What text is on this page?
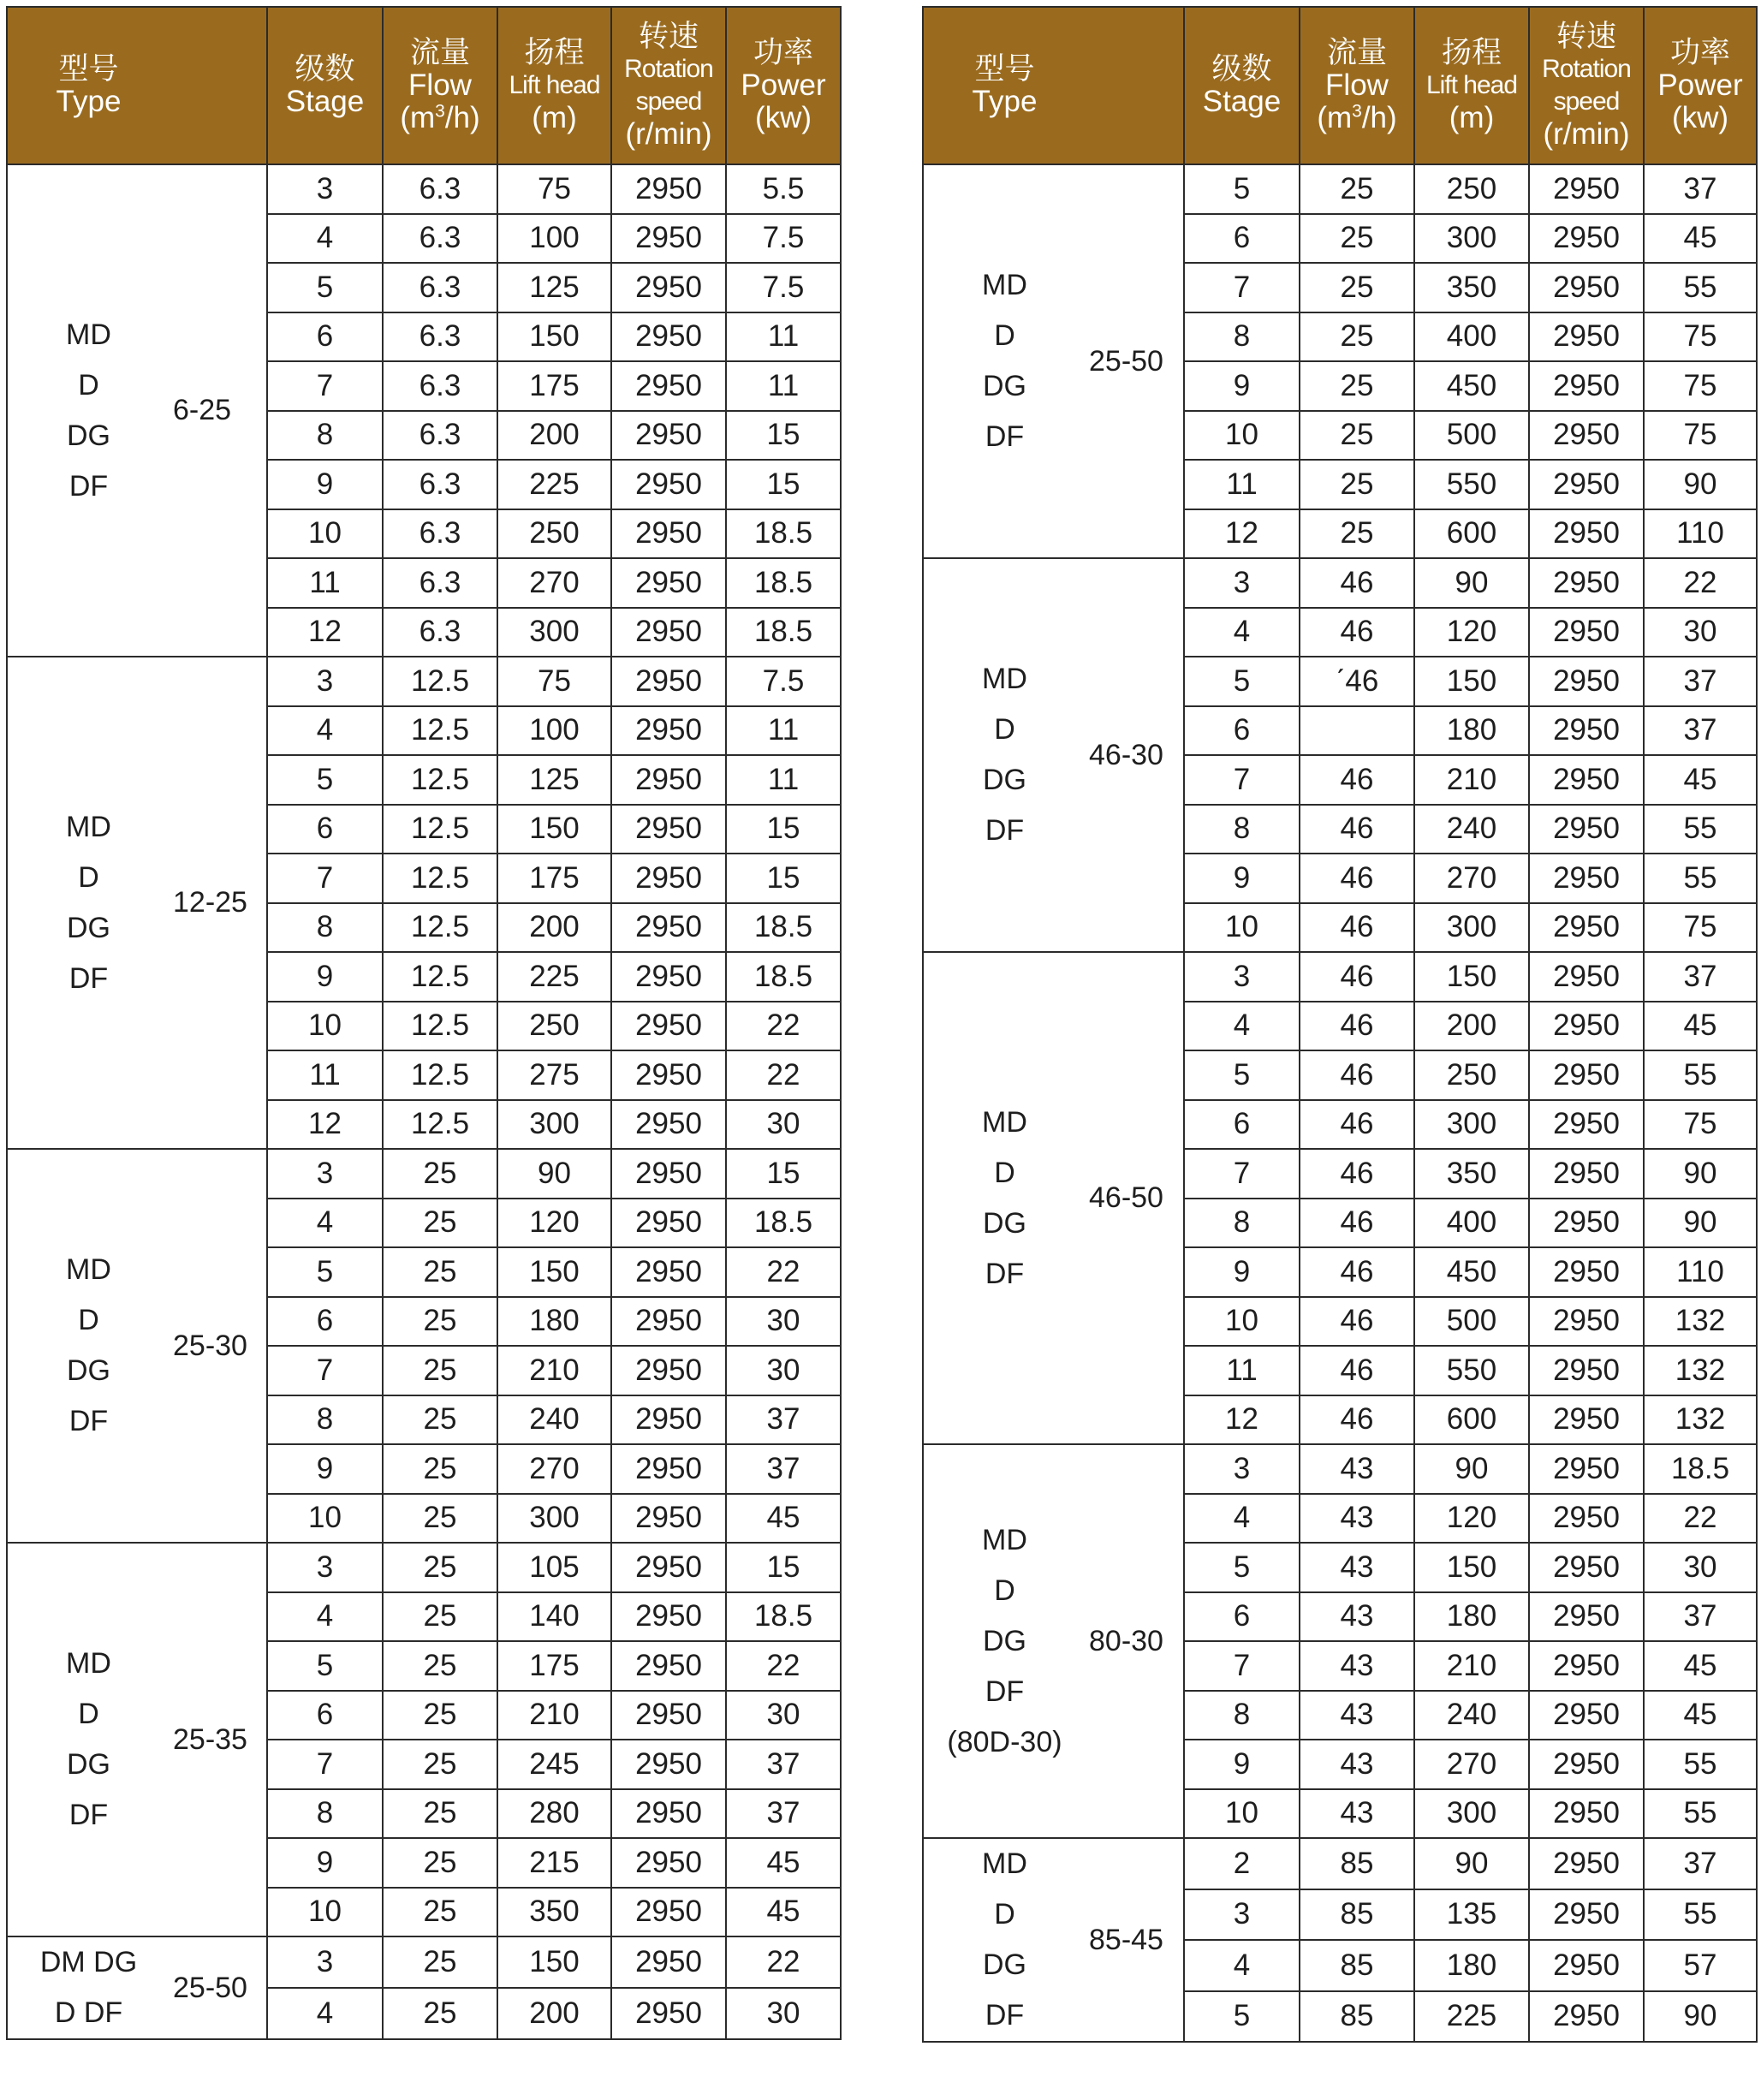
型号
Type		级数
Stage	流量
Flow
$(m^3/h)$	扬程
Lift head
(m)	转速
Rotation
speed
(r/min)	功率
Power
(kw)

MD
D
DG
DF	6-25	3	6.3	75	2950	5.5
		4	6.3	100	2950	7.5
		5	6.3	125	2950	7.5
		6	6.3	150	2950	11
		7	6.3	175	2950	11
		8	6.3	200	2950	15
		9	6.3	225	2950	15
		10	6.3	250	2950	18.5
		11	6.3	270	2950	18.5
		12	6.3	300	2950	18.5

MD
D
DG
DF	12-25	3	12.5	75	2950	7.5
		4	12.5	100	2950	11
		5	12.5	125	2950	11
		6	12.5	150	2950	15
		7	12.5	175	2950	15
		8	12.5	200	2950	18.5
		9	12.5	225	2950	18.5
		10	12.5	250	2950	22
		11	12.5	275	2950	22
		12	12.5	300	2950	30

MD
D
DG
DF	25-30	3	25	90	2950	15
		4	25	120	2950	18.5
		5	25	150	2950	22
		6	25	180	2950	30
		7	25	210	2950	30
		8	25	240	2950	37
		9	25	270	2950	37
		10	25	300	2950	45

MD
D
DG
DF	25-35	3	25	105	2950	15
		4	25	140	2950	18.5
		5	25	175	2950	22
		6	25	210	2950	30
		7	25	245	2950	37
		8	25	280	2950	37
		9	25	215	2950	45
		10	25	350	2950	45

DM DG
D DF	25-50	3	25	150	2950	22
		4	25	200	2950	30
型号
Type		级数
Stage	流量
Flow
$(m^3/h)$	扬程
Lift head
(m)	转速
Rotation
speed
(r/min)	功率
Power
(kw)

MD
D
DG
DF	25-50	5	25	250	2950	37
		6	25	300	2950	45
		7	25	350	2950	55
		8	25	400	2950	75
		9	25	450	2950	75
		10	25	500	2950	75
		11	25	550	2950	90
		12	25	600	2950	110

MD
D
DG
DF	46-30	3	46	90	2950	22
		4	46	120	2950	30
		5	ˊ46	150	2950	37
		6		180	2950	37
		7	46	210	2950	45
		8	46	240	2950	55
		9	46	270	2950	55
		10	46	300	2950	75

MD
D
DG
DF	46-50	3	46	150	2950	37
		4	46	200	2950	45
		5	46	250	2950	55
		6	46	300	2950	75
		7	46	350	2950	90
		8	46	400	2950	90
		9	46	450	2950	110
		10	46	500	2950	132
		11	46	550	2950	132
		12	46	600	2950	132

MD
D
DG
DF
(80D-30)	80-30	3	43	90	2950	18.5
		4	43	120	2950	22
		5	43	150	2950	30
		6	43	180	2950	37
		7	43	210	2950	45
		8	43	240	2950	45
		9	43	270	2950	55
		10	43	300	2950	55

MD
D
DG
DF	85-45	2	85	90	2950	37
		3	85	135	2950	55
		4	85	180	2950	57
		5	85	225	2950	90
